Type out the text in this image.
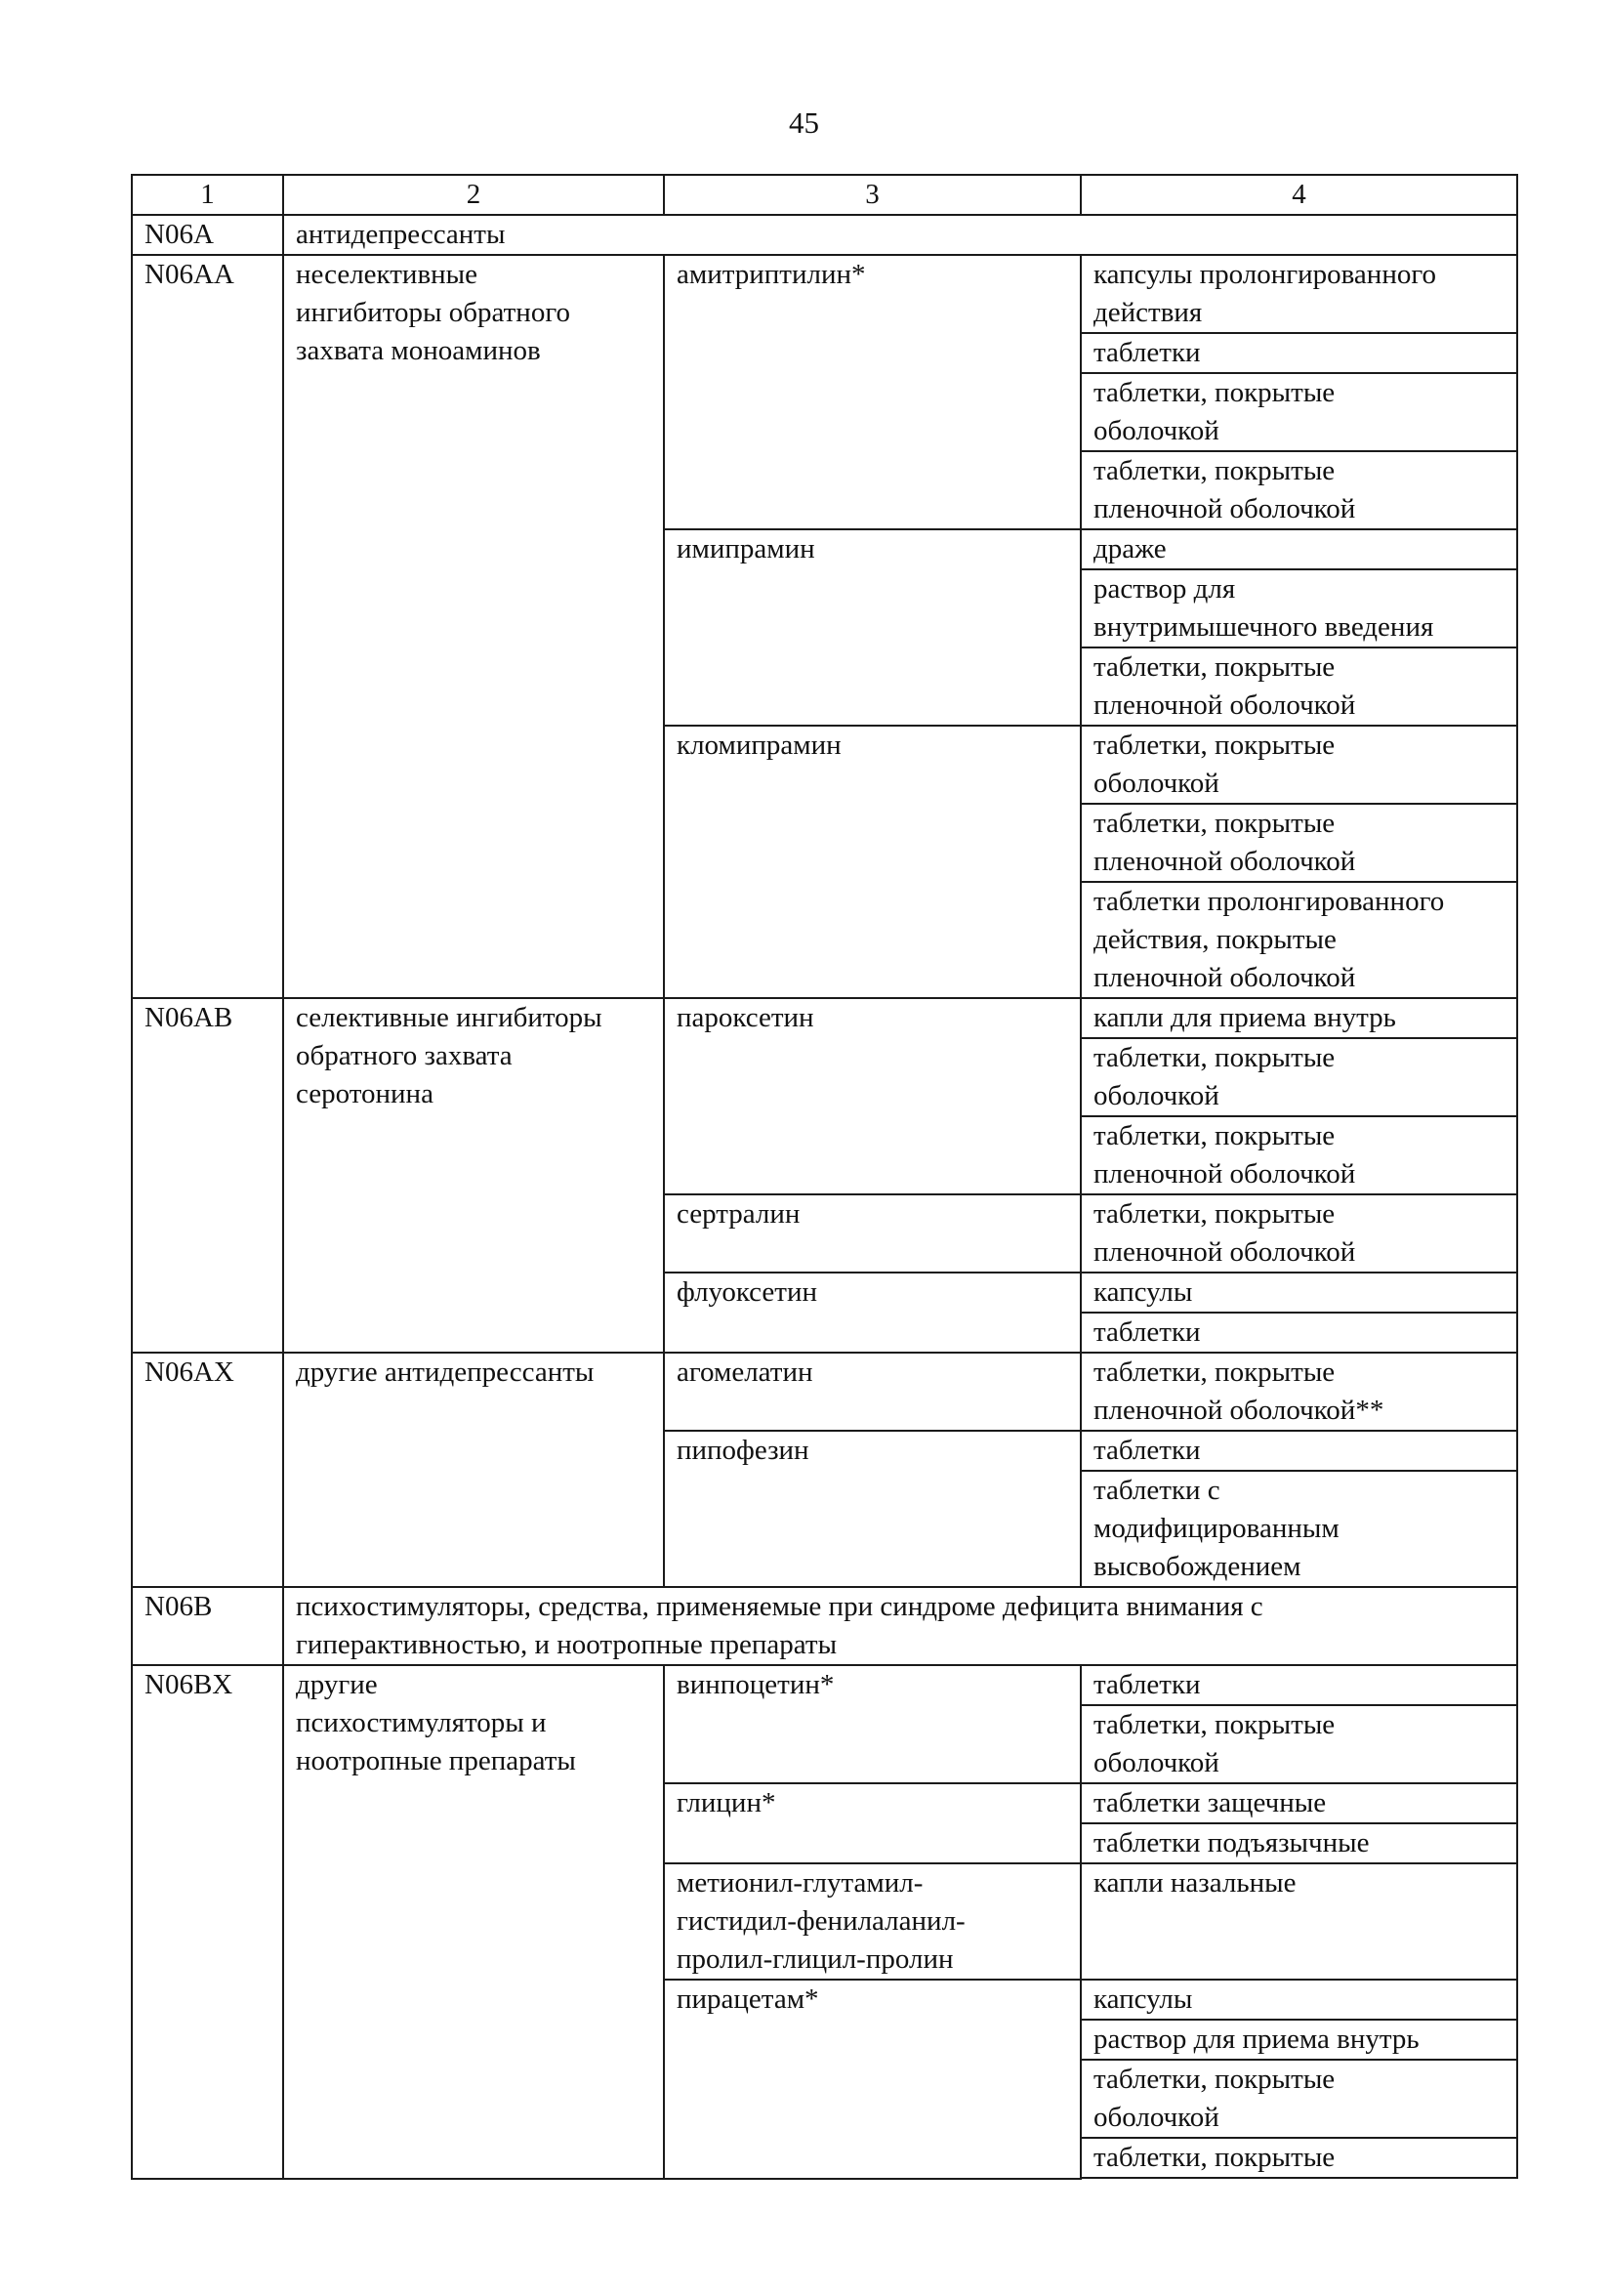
45
1	2	3	4
N06A	антидепрессанты		
N06AA	неселективные
ингибиторы обратного
захвата моноаминов	амитриптилин*	капсулы пролонгированного
действия
			таблетки
			таблетки, покрытые
оболочкой
			таблетки, покрытые
пленочной оболочкой
		имипрамин	драже
			раствор для
внутримышечного введения
			таблетки, покрытые
пленочной оболочкой
		кломипрамин	таблетки, покрытые
оболочкой
			таблетки, покрытые
пленочной оболочкой
			таблетки пролонгированного
действия, покрытые
пленочной оболочкой
N06AB	селективные ингибиторы
обратного захвата
серотонина	пароксетин	капли для приема внутрь
			таблетки, покрытые
оболочкой
			таблетки, покрытые
пленочной оболочкой
		сертралин	таблетки, покрытые
пленочной оболочкой
		флуоксетин	капсулы
			таблетки
N06AX	другие антидепрессанты	агомелатин	таблетки, покрытые
пленочной оболочкой**
		пипофезин	таблетки
			таблетки с
модифицированным
высвобождением
N06B	психостимуляторы, средства, применяемые при синдроме дефицита внимания с
гиперактивностью, и ноотропные препараты		
N06BX	другие
психостимуляторы и
ноотропные препараты	винпоцетин*	таблетки
			таблетки, покрытые
оболочкой
		глицин*	таблетки защечные
			таблетки подъязычные
		метионил-глутамил-
гистидил-фенилаланил-
пролил-глицил-пролин	капли назальные
		пирацетам*	капсулы
			раствор для приема внутрь
			таблетки, покрытые
оболочкой
			таблетки, покрытые
